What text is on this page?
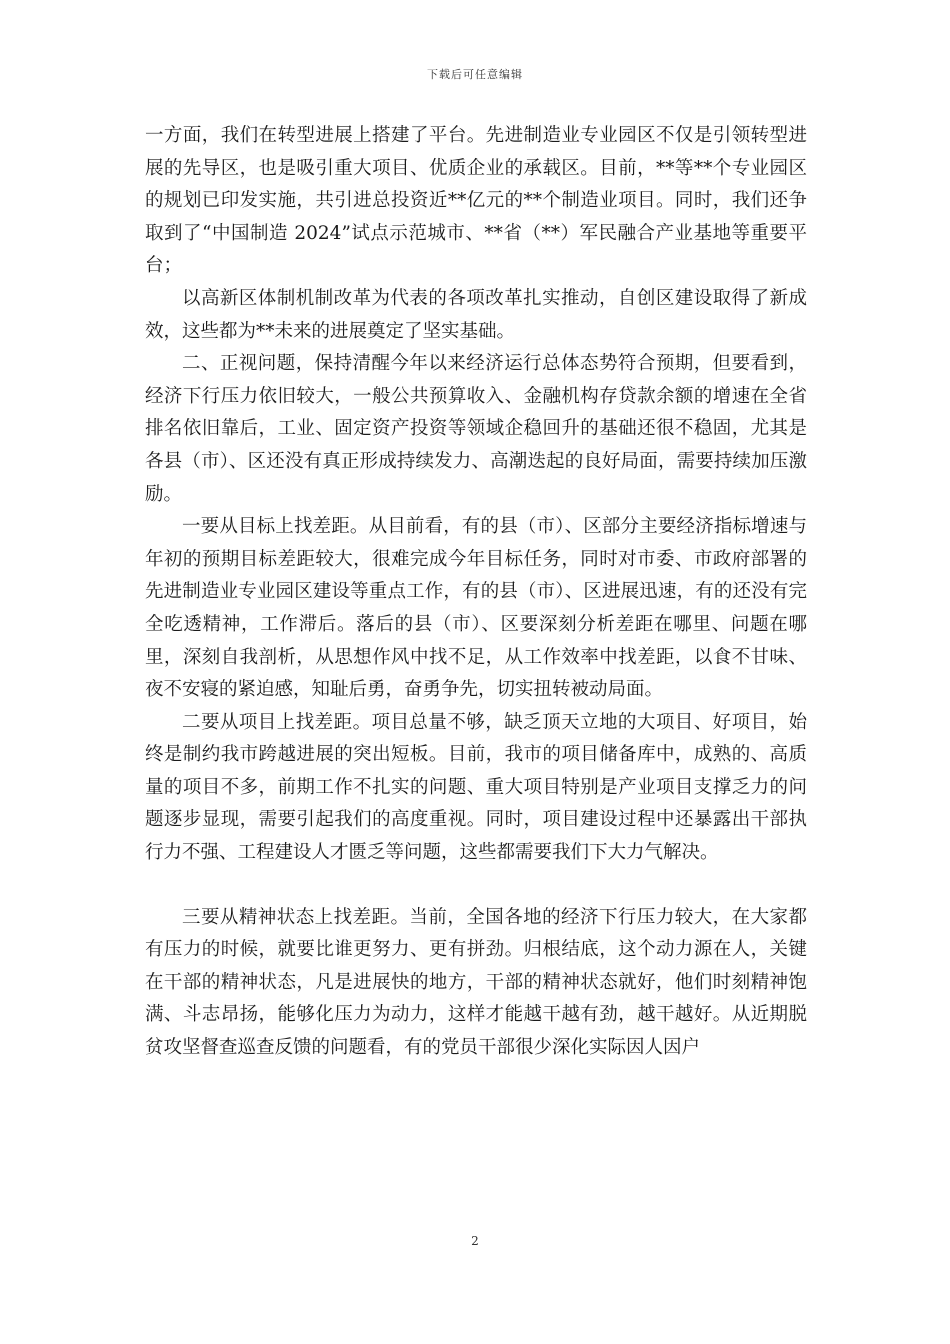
下载后可任意编辑

一方面，我们在转型进展上搭建了平台。先进制造业专业园区不仅是引领转型进展的先导区，也是吸引重大项目、优质企业的承载区。目前，**等**个专业园区的规划已印发实施，共引进总投资近**亿元的**个制造业项目。同时，我们还争取到了“中国制造 2024”试点示范城市、**省（**）军民融合产业基地等重要平台；

以高新区体制机制改革为代表的各项改革扎实推动，自创区建设取得了新成效，这些都为**未来的进展奠定了坚实基础。

二、正视问题，保持清醒今年以来经济运行总体态势符合预期，但要看到，经济下行压力依旧较大，一般公共预算收入、金融机构存贷款余额的增速在全省排名依旧靠后，工业、固定资产投资等领域企稳回升的基础还很不稳固，尤其是各县（市）、区还没有真正形成持续发力、高潮迭起的良好局面，需要持续加压激励。

一要从目标上找差距。从目前看，有的县（市）、区部分主要经济指标增速与年初的预期目标差距较大，很难完成今年目标任务，同时对市委、市政府部署的先进制造业专业园区建设等重点工作，有的县（市）、区进展迅速，有的还没有完全吃透精神，工作滞后。落后的县（市）、区要深刻分析差距在哪里、问题在哪里，深刻自我剖析，从思想作风中找不足，从工作效率中找差距，以食不甘味、夜不安寝的紧迫感，知耻后勇，奋勇争先，切实扭转被动局面。

二要从项目上找差距。项目总量不够，缺乏顶天立地的大项目、好项目，始终是制约我市跨越进展的突出短板。目前，我市的项目储备库中，成熟的、高质量的项目不多，前期工作不扎实的问题、重大项目特别是产业项目支撑乏力的问题逐步显现，需要引起我们的高度重视。同时，项目建设过程中还暴露出干部执行力不强、工程建设人才匮乏等问题，这些都需要我们下大力气解决。

三要从精神状态上找差距。当前，全国各地的经济下行压力较大，在大家都有压力的时候，就要比谁更努力、更有拼劲。归根结底，这个动力源在人，关键在干部的精神状态，凡是进展快的地方，干部的精神状态就好，他们时刻精神饱满、斗志昂扬，能够化压力为动力，这样才能越干越有劲，越干越好。从近期脱贫攻坚督查巡查反馈的问题看，有的党员干部很少深化实际因人因户

2
